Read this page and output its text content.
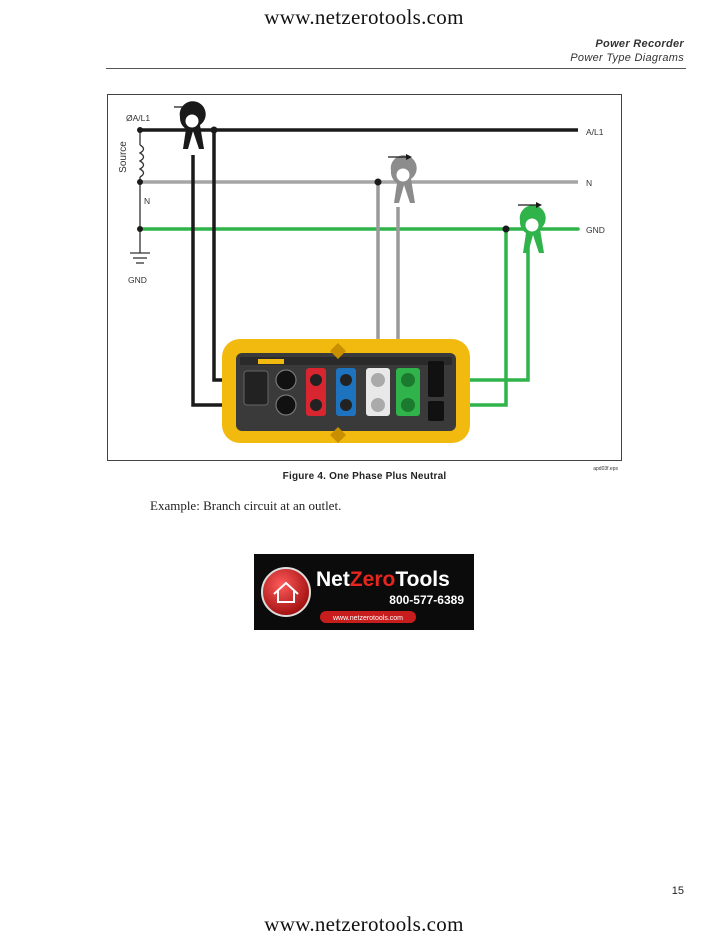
www.netzerotools.com
Power Recorder
Power Type Diagrams
ØA/L1
Source
N
GND
A/L1
N
GND
apd03f.eps
Figure 4. One Phase Plus Neutral
Example: Branch circuit at an outlet.
NetZeroTools
800-577-6389
www.netzerotools.com
15
www.netzerotools.com
